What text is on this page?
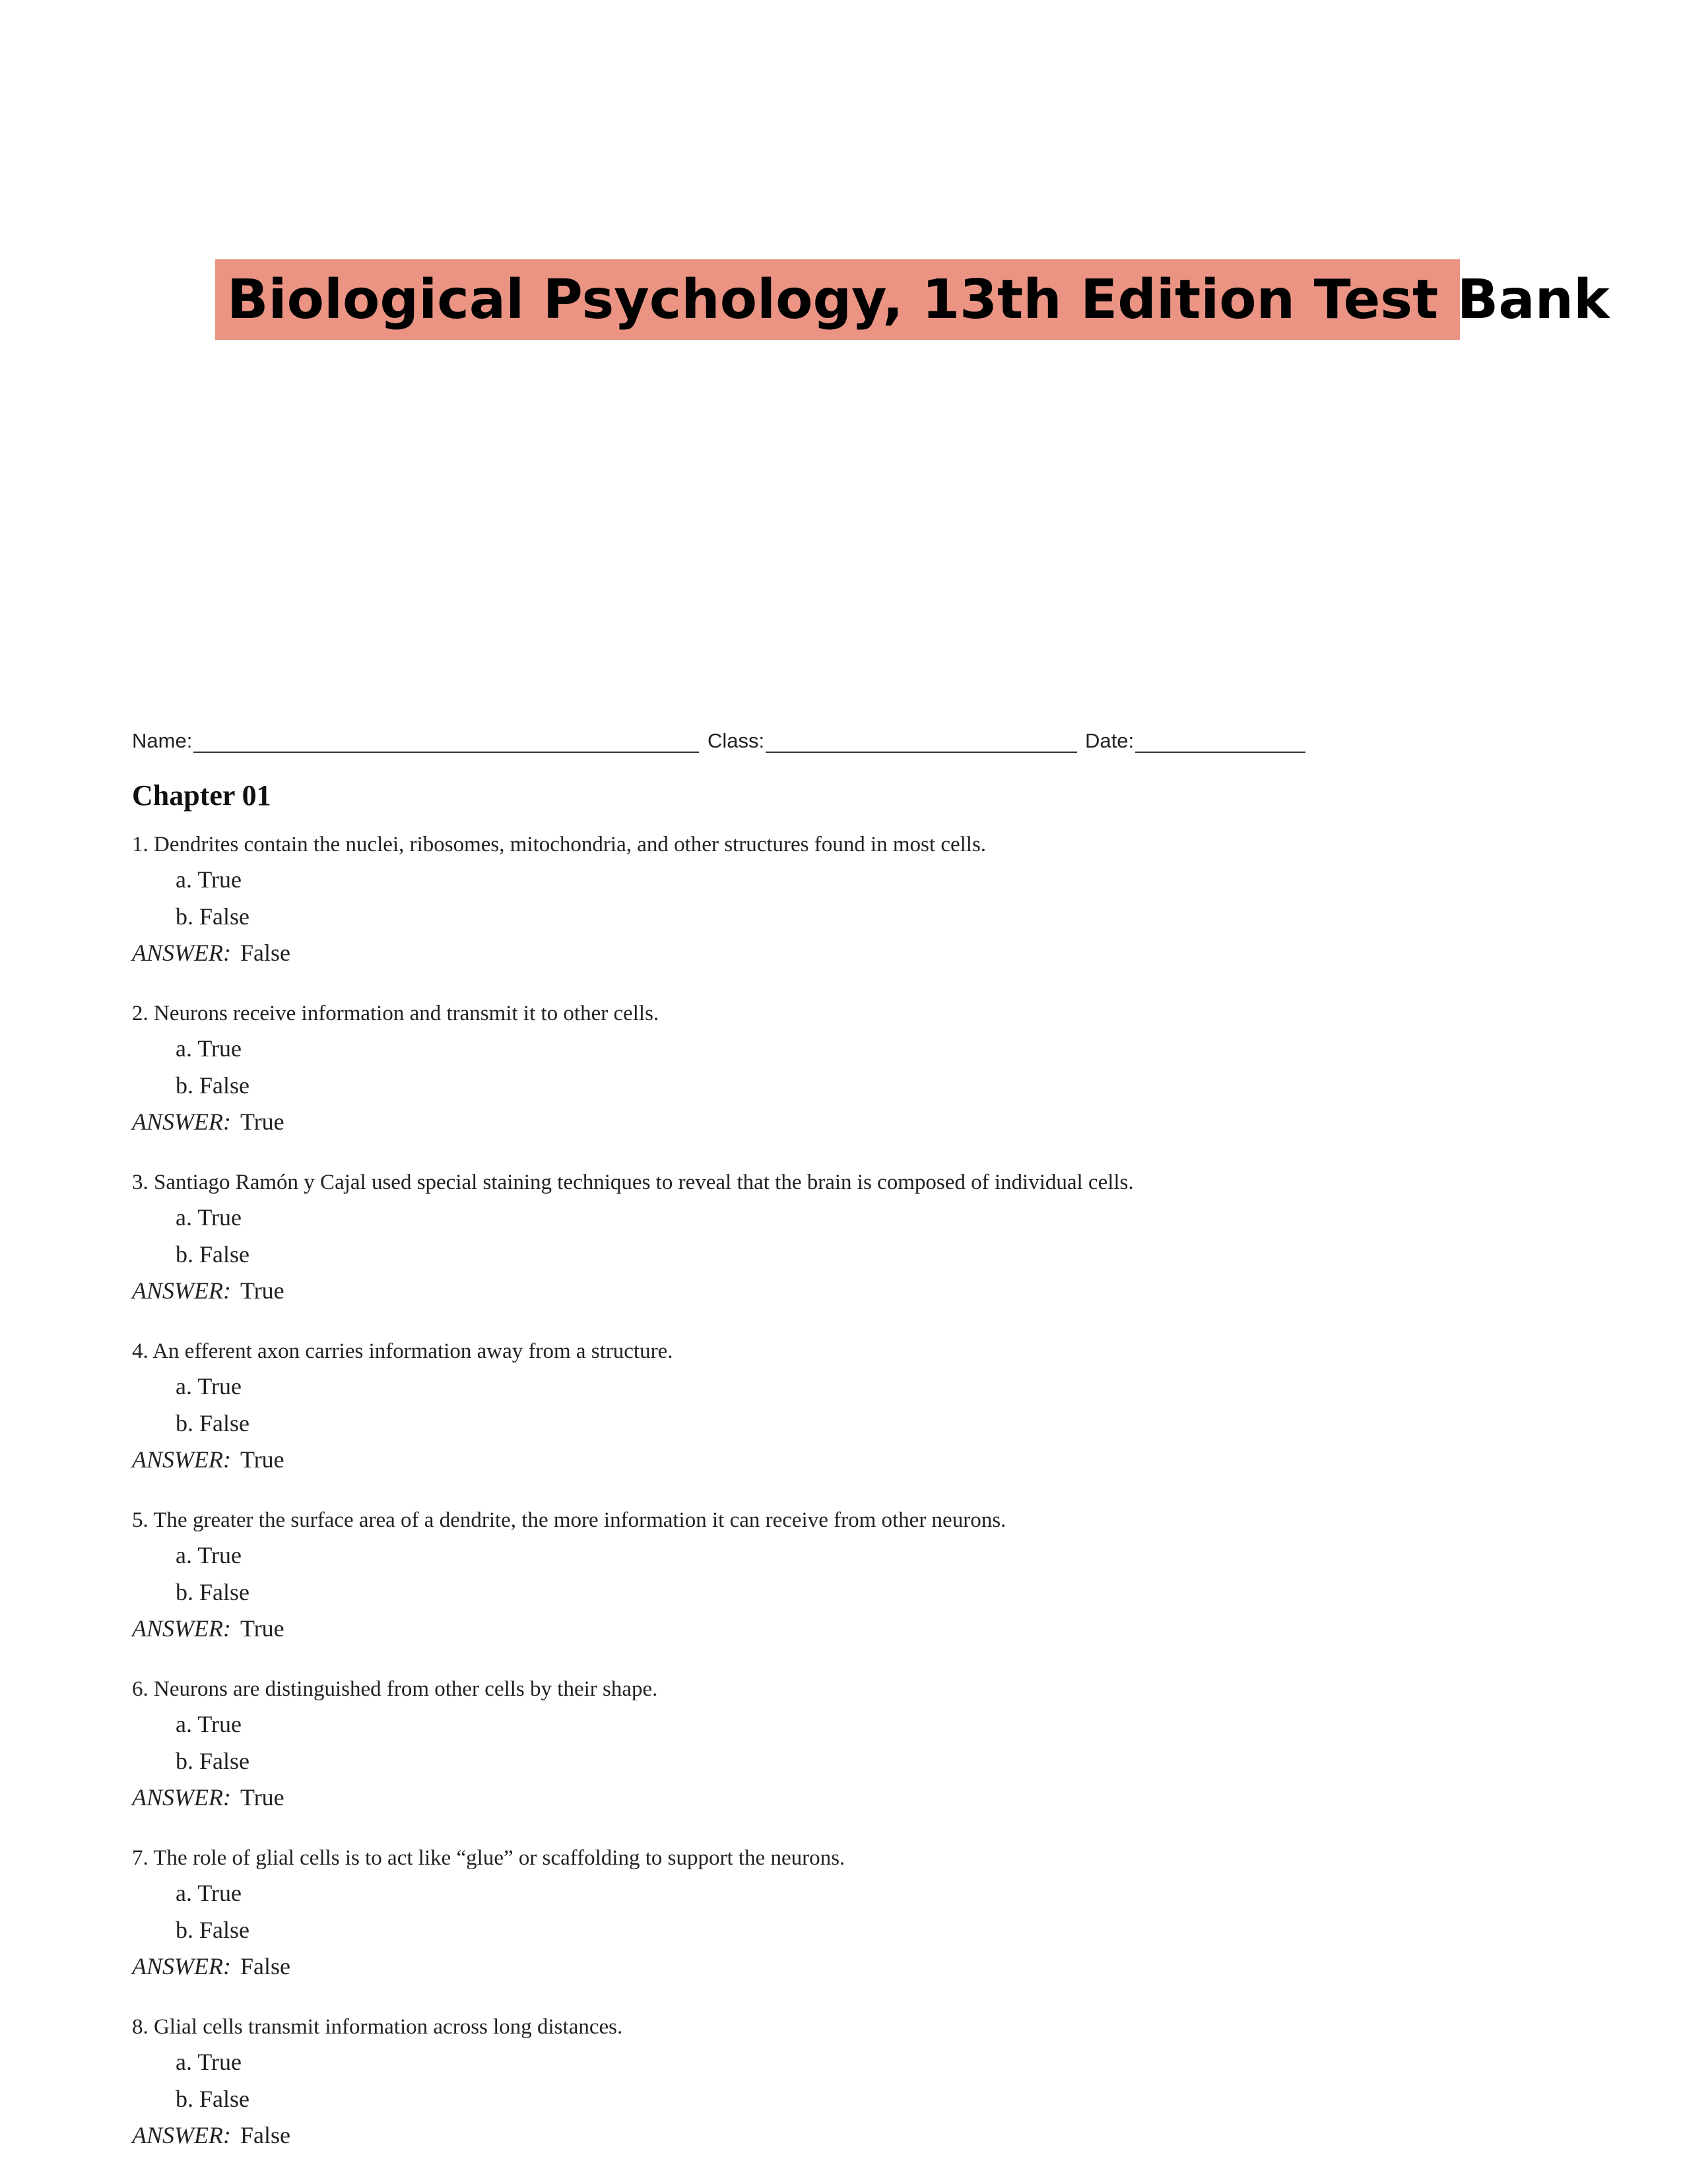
Biological Psychology, 13th Edition Test Bank
Name:	Class:	Date:
Chapter 01
1. Dendrites contain the nuclei, ribosomes, mitochondria, and other structures found in most cells.
a. True
b. False
ANSWER: False
2. Neurons receive information and transmit it to other cells.
a. True
b. False
ANSWER: True
3. Santiago Ramón y Cajal used special staining techniques to reveal that the brain is composed of individual cells.
a. True
b. False
ANSWER: True
4. An efferent axon carries information away from a structure.
a. True
b. False
ANSWER: True
5. The greater the surface area of a dendrite, the more information it can receive from other neurons.
a. True
b. False
ANSWER: True
6. Neurons are distinguished from other cells by their shape.
a. True
b. False
ANSWER: True
7. The role of glial cells is to act like “glue” or scaffolding to support the neurons.
a. True
b. False
ANSWER: False
8. Glial cells transmit information across long distances.
a. True
b. False
ANSWER: False
